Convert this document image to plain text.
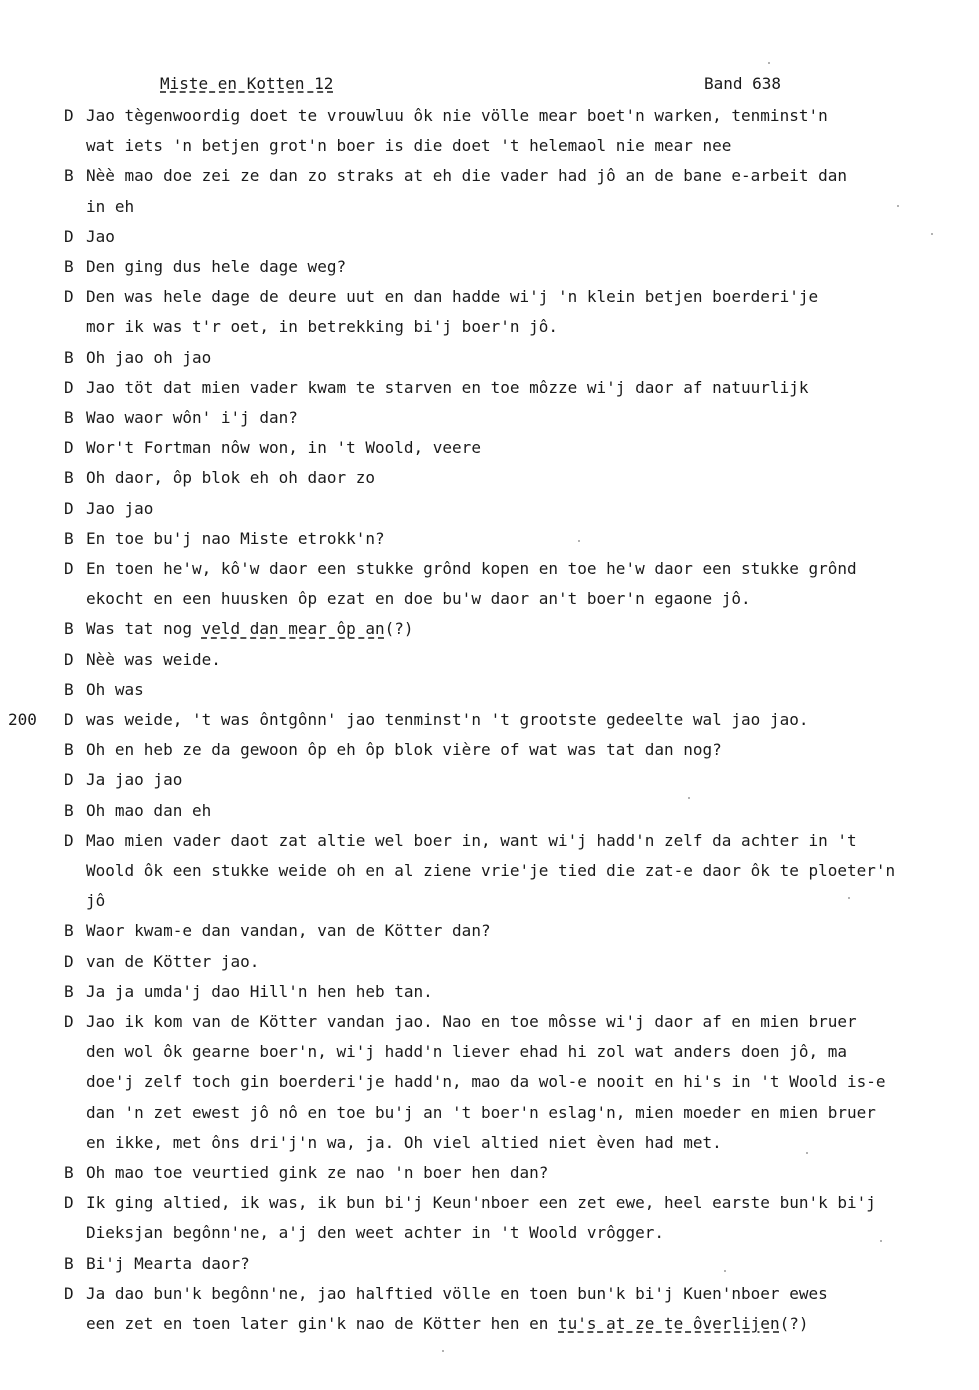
Miste en Kotten 12	Band 638
D Jao tègenwoordig doet te vrouwluu ôk nie völle mear boet'n warken, tenminst'n
wat iets 'n betjen grot'n boer is die doet 't helemaol nie mear nee
B Nèè mao doe zei ze dan zo straks at eh die vader had jô an de bane e-arbeit dan
in eh
D Jao
B Den ging dus hele dage weg?
D Den was hele dage de deure uut en dan hadde wi'j 'n klein betjen boerderi'je
mor ik was t'r oet, in betrekking bi'j boer'n jô.
B Oh jao oh jao
D Jao töt dat mien vader kwam te starven en toe môzze wi'j daor af natuurlijk
B Wao waor wôn' i'j dan?
D Wor't Fortman nôw won, in 't Woold, veere
B Oh daor, ôp blok eh oh daor zo
D Jao jao
B En toe bu'j nao Miste etrokk'n?
D En toen he'w, kô'w daor een stukke grônd kopen en toe he'w daor een stukke grônd
ekocht en een huusken ôp ezat en doe bu'w daor an't boer'n egaone jô.
B Was tat nog veld dan mear ôp an(?)
D Nèè was weide.
B Oh was
200	D was weide, 't was ôntgônn' jao tenminst'n 't grootste gedeelte wal jao jao.
B Oh en heb ze da gewoon ôp eh ôp blok vière of wat was tat dan nog?
D Ja jao jao
B Oh mao dan eh
D Mao mien vader daot zat altie wel boer in, want wi'j hadd'n zelf da achter in 't
Woold ôk een stukke weide oh en al ziene vrie'je tied die zat-e daor ôk te ploeter'n
jô
B Waor kwam-e dan vandan, van de Kötter dan?
D van de Kötter jao.
B Ja ja umda'j dao Hill'n hen heb tan.
D Jao ik kom van de Kötter vandan jao. Nao en toe môsse wi'j daor af en mien bruer
den wol ôk gearne boer'n, wi'j hadd'n liever ehad hi zol wat anders doen jô, ma
doe'j zelf toch gin boerderi'je hadd'n, mao da wol-e nooit en hi's in 't Woold is-e
dan 'n zet ewest jô nô en toe bu'j an 't boer'n eslag'n, mien moeder en mien bruer
en ikke, met ôns dri'j'n wa, ja. Oh viel altied niet èven had met.
B Oh mao toe veurtied gink ze nao 'n boer hen dan?
D Ik ging altied, ik was, ik bun bi'j Keun'nboer een zet ewe, heel earste bun'k bi'j
Dieksjan begônn'ne, a'j den weet achter in 't Woold vrôgger.
B Bi'j Mearta daor?
D Ja dao bun'k begônn'ne, jao halftied völle en toen bun'k bi'j Kuen'nboer ewes
een zet en toen later gin'k nao de Kötter hen en tu's at ze te ôverlijen(?)
